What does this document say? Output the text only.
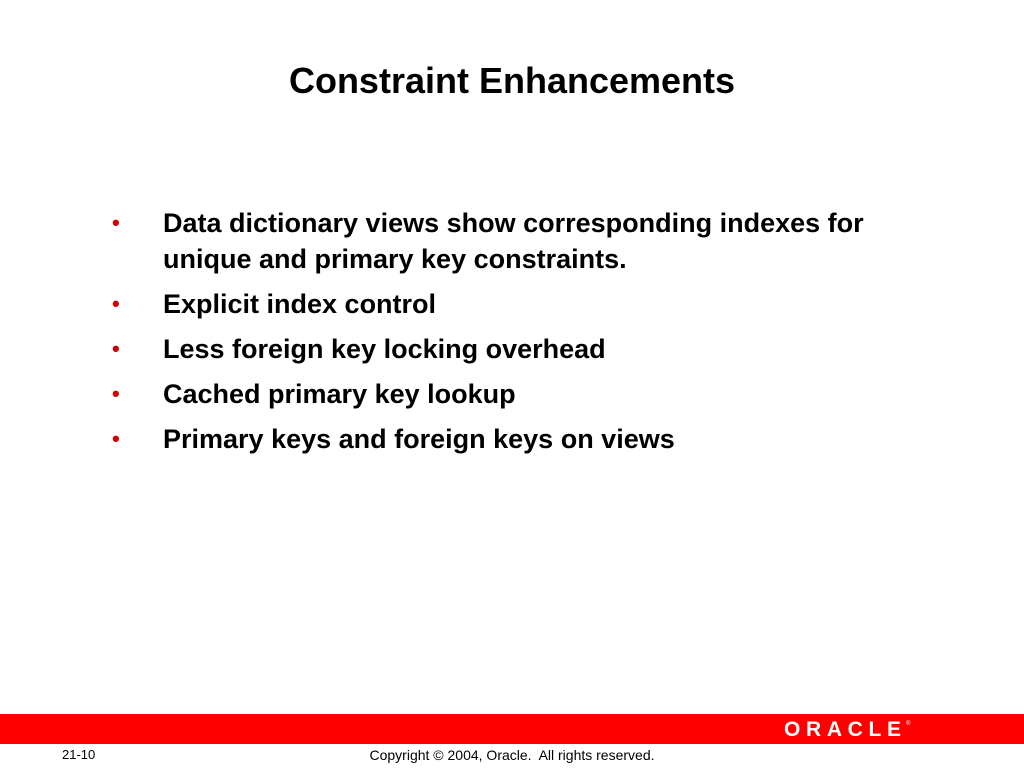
Constraint Enhancements
• Data dictionary views show corresponding indexes for unique and primary key constraints.
• Explicit index control
• Less foreign key locking overhead
• Cached primary key lookup
• Primary keys and foreign keys on views
ORACLE ®
21-10	Copyright © 2004, Oracle.  All rights reserved.
